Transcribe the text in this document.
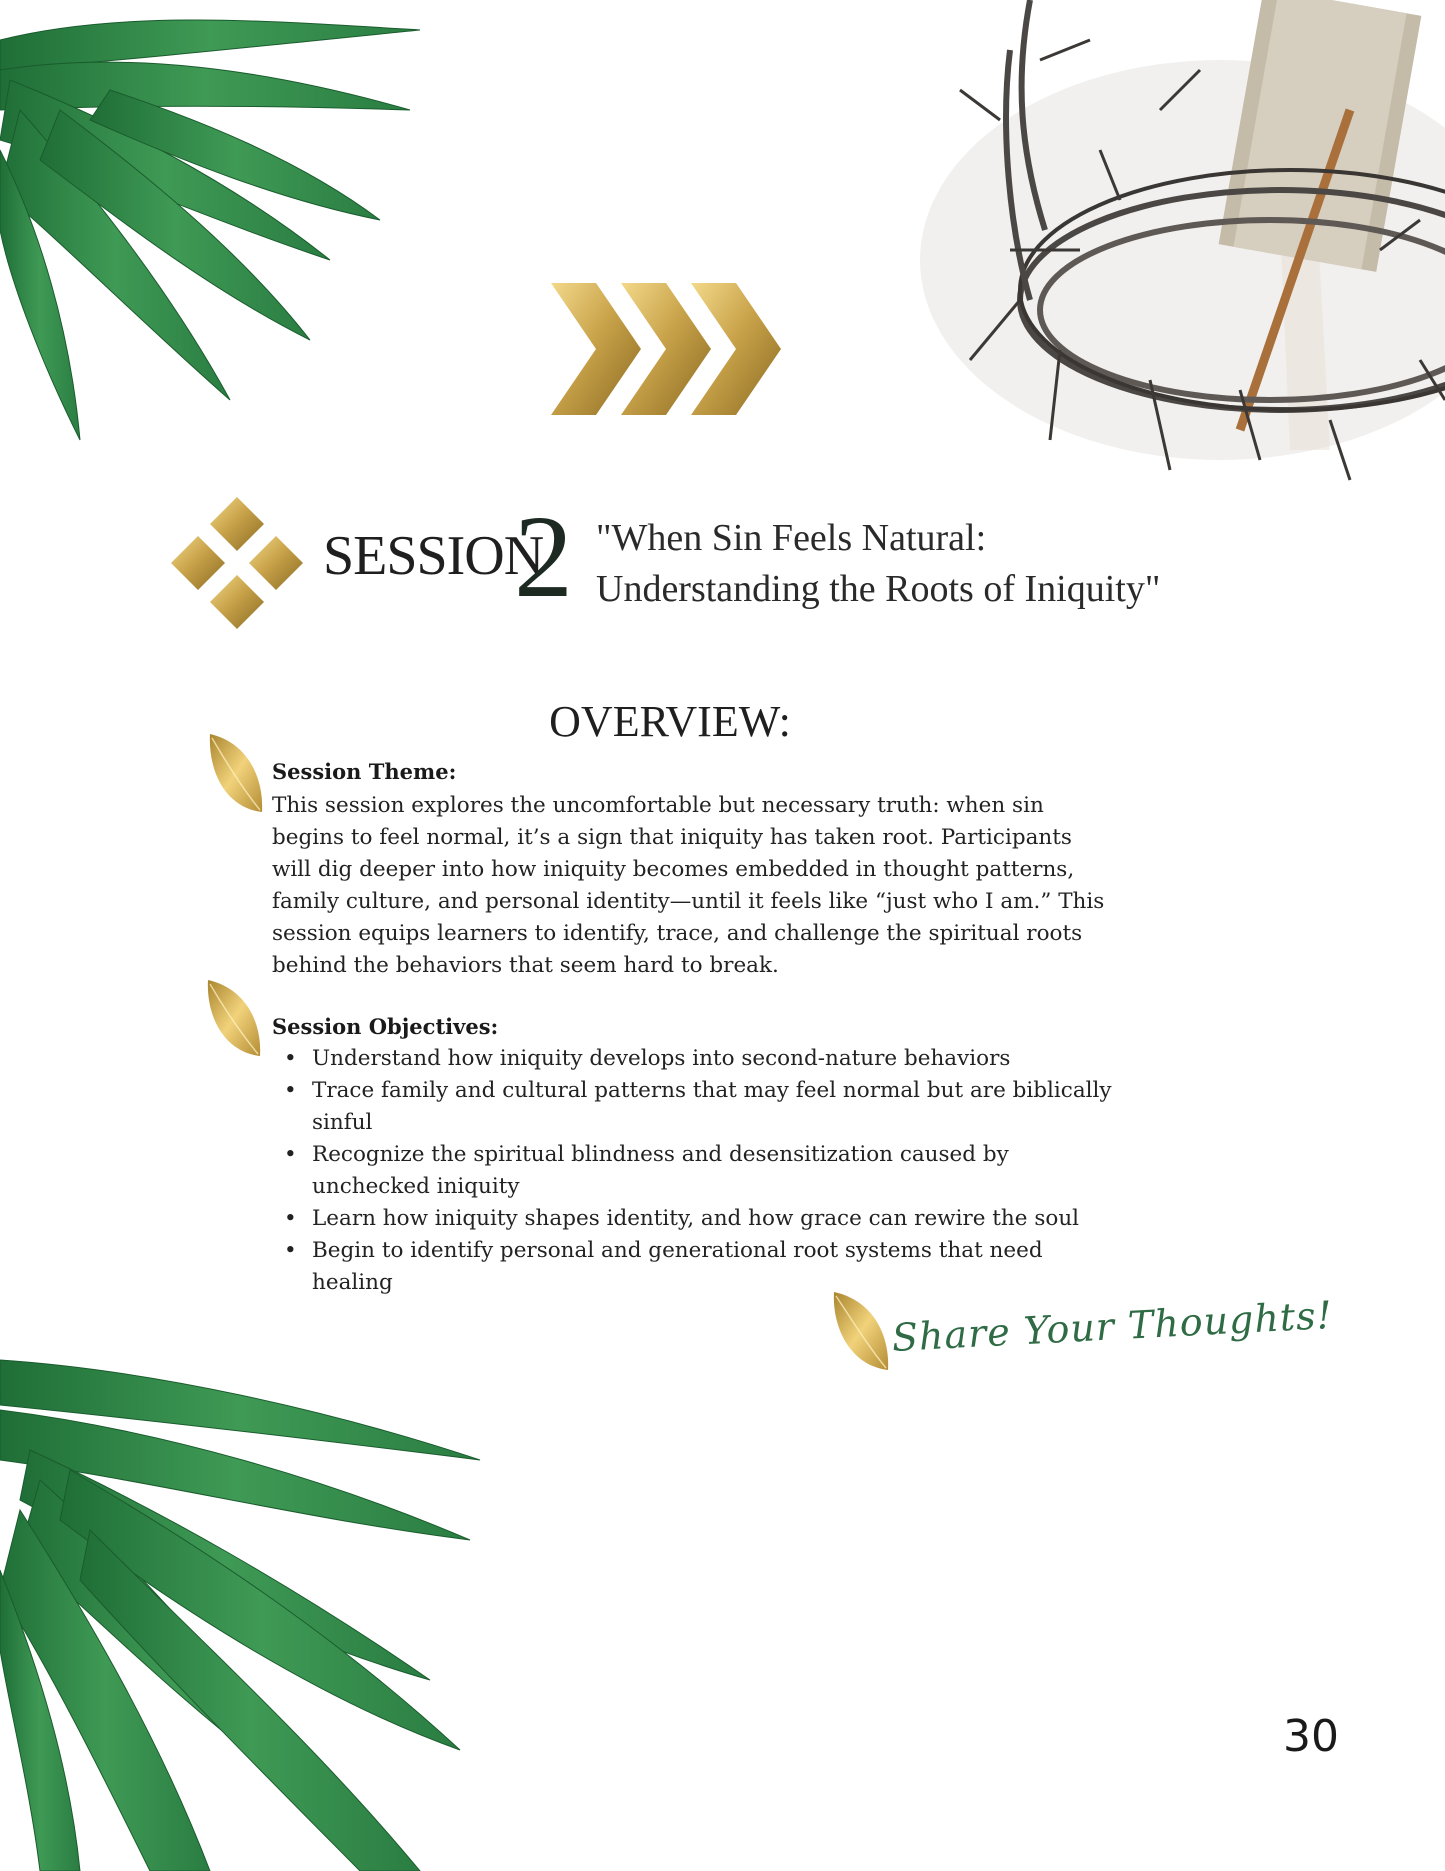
SESSION
2 "When Sin Feels Natural:
Understanding the Roots of Iniquity"
OVERVIEW:
Session Theme:
This session explores the uncomfortable but necessary truth: when sin begins to feel normal, it’s a sign that iniquity has taken root. Participants will dig deeper into how iniquity becomes embedded in thought patterns, family culture, and personal identity—until it feels like “just who I am.” This session equips learners to identify, trace, and challenge the spiritual roots behind the behaviors that seem hard to break.
Session Objectives:
• Understand how iniquity develops into second-nature behaviors
• Trace family and cultural patterns that may feel normal but are biblically sinful
• Recognize the spiritual blindness and desensitization caused by unchecked iniquity
• Learn how iniquity shapes identity, and how grace can rewire the soul
• Begin to identify personal and generational root systems that need healing
Share Your Thoughts!
30
